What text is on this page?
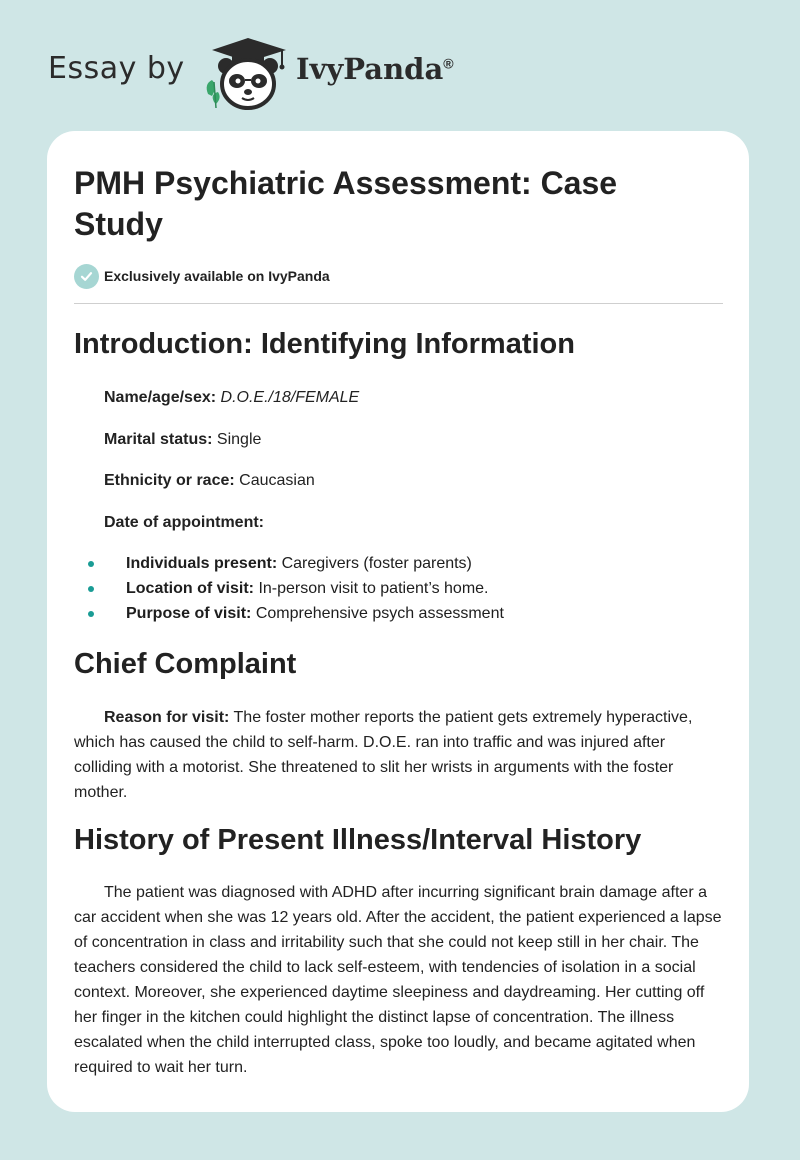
Essay by	IvyPanda®
PMH Psychiatric Assessment: Case Study
Exclusively available on IvyPanda
Introduction: Identifying Information
Name/age/sex: D.O.E./18/FEMALE
Marital status: Single
Ethnicity or race: Caucasian
Date of appointment:
Individuals present: Caregivers (foster parents)
Location of visit: In-person visit to patient’s home.
Purpose of visit: Comprehensive psych assessment
Chief Complaint

Reason for visit: The foster mother reports the patient gets extremely hyperactive, which has caused the child to self-harm. D.O.E. ran into traffic and was injured after colliding with a motorist. She threatened to slit her wrists in arguments with the foster mother.

History of Present Illness/Interval History

The patient was diagnosed with ADHD after incurring significant brain damage after a car accident when she was 12 years old. After the accident, the patient experienced a lapse of concentration in class and irritability such that she could not keep still in her chair. The teachers considered the child to lack self-esteem, with tendencies of isolation in a social context. Moreover, she experienced daytime sleepiness and daydreaming. Her cutting off her finger in the kitchen could highlight the distinct lapse of concentration. The illness escalated when the child interrupted class, spoke too loudly, and became agitated when required to wait her turn.
